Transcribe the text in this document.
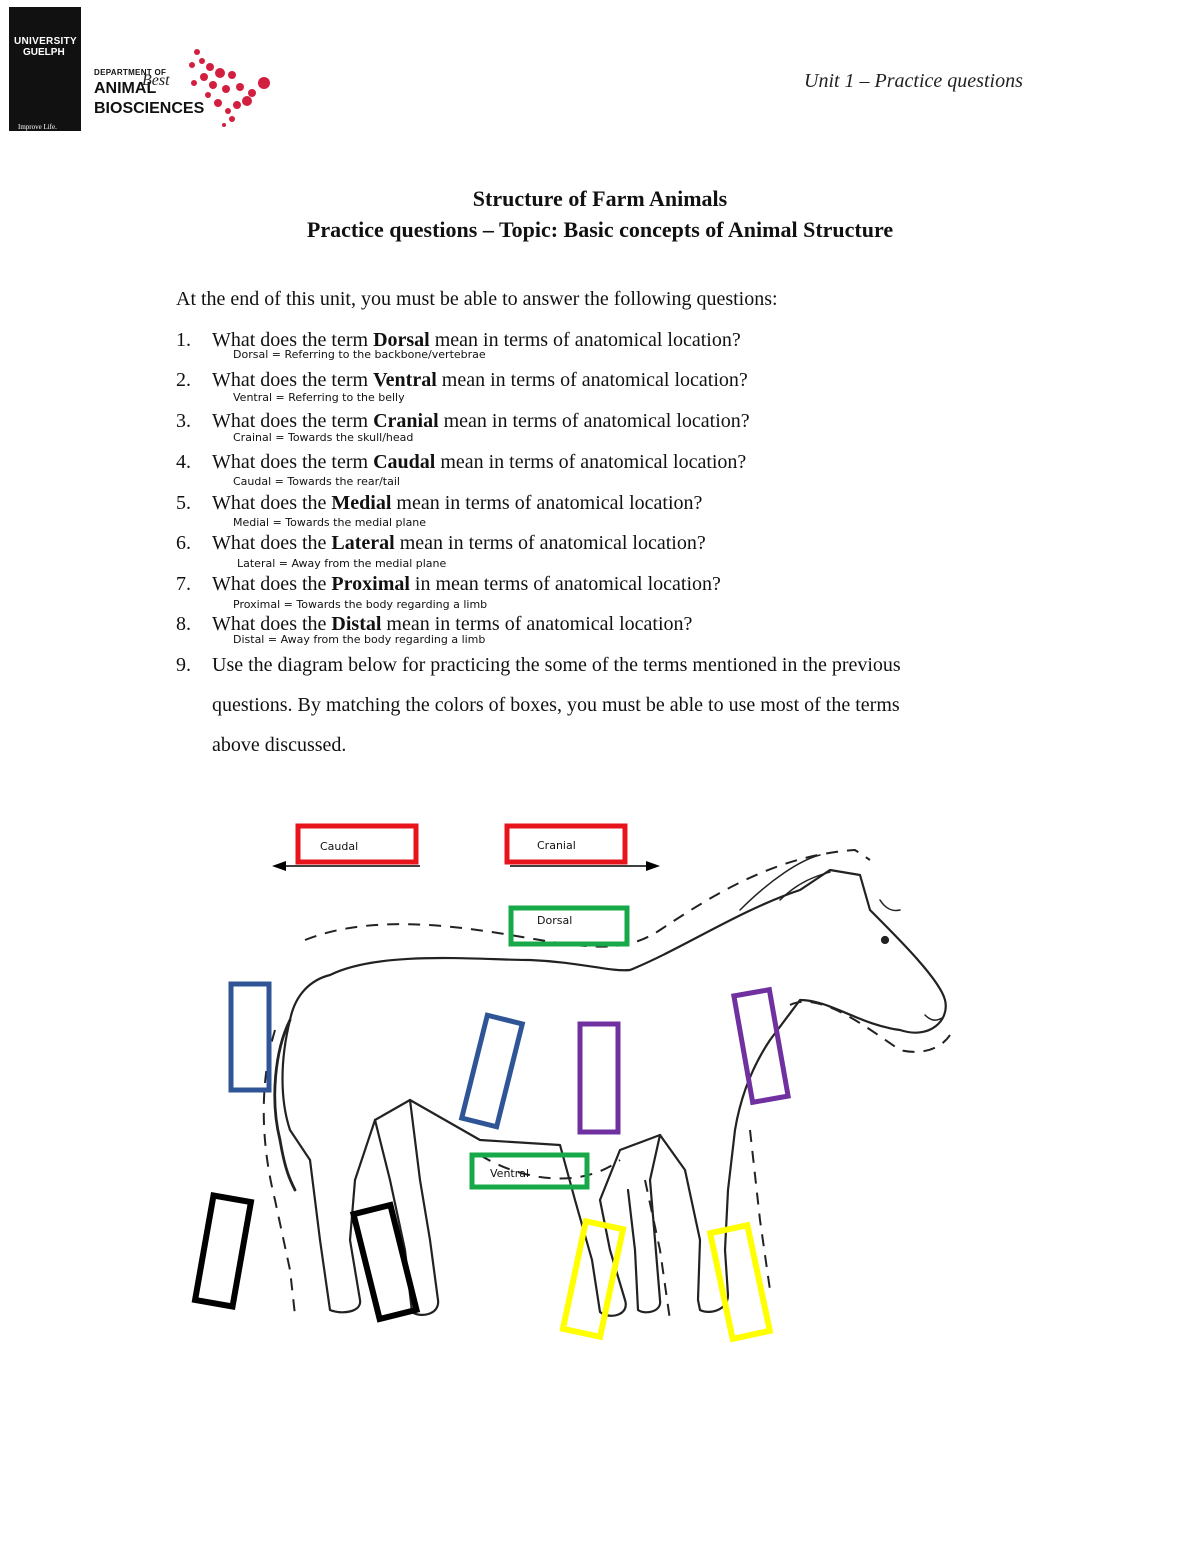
UNIVERSITY
GUELPH
Improve Life.
DEPARTMENT OF
ANIMAL
BIOSCIENCES
Best	Unit 1 – Practice questions
Structure of Farm Animals
Practice questions – Topic: Basic concepts of Animal Structure
At the end of this unit, you must be able to answer the following questions:
1. What does the term Dorsal mean in terms of anatomical location?
Dorsal = Referring to the backbone/vertebrae
2. What does the term Ventral mean in terms of anatomical location?
Ventral = Referring to the belly
3. What does the term Cranial mean in terms of anatomical location?
Crainal = Towards the skull/head
4. What does the term Caudal mean in terms of anatomical location?
Caudal = Towards the rear/tail
5. What does the Medial mean in terms of anatomical location?
Medial = Towards the medial plane
6. What does the Lateral mean in terms of anatomical location?
Lateral = Away from the medial plane
7. What does the Proximal in mean terms of anatomical location?
Proximal = Towards the body regarding a limb
8. What does the Distal mean in terms of anatomical location?
Distal = Away from the body regarding a limb
9. Use the diagram below for practicing the some of the terms mentioned in the previous
questions. By matching the colors of boxes, you must be able to use most of the terms
above discussed.
Caudal	Cranial
Dorsal
Ventral
